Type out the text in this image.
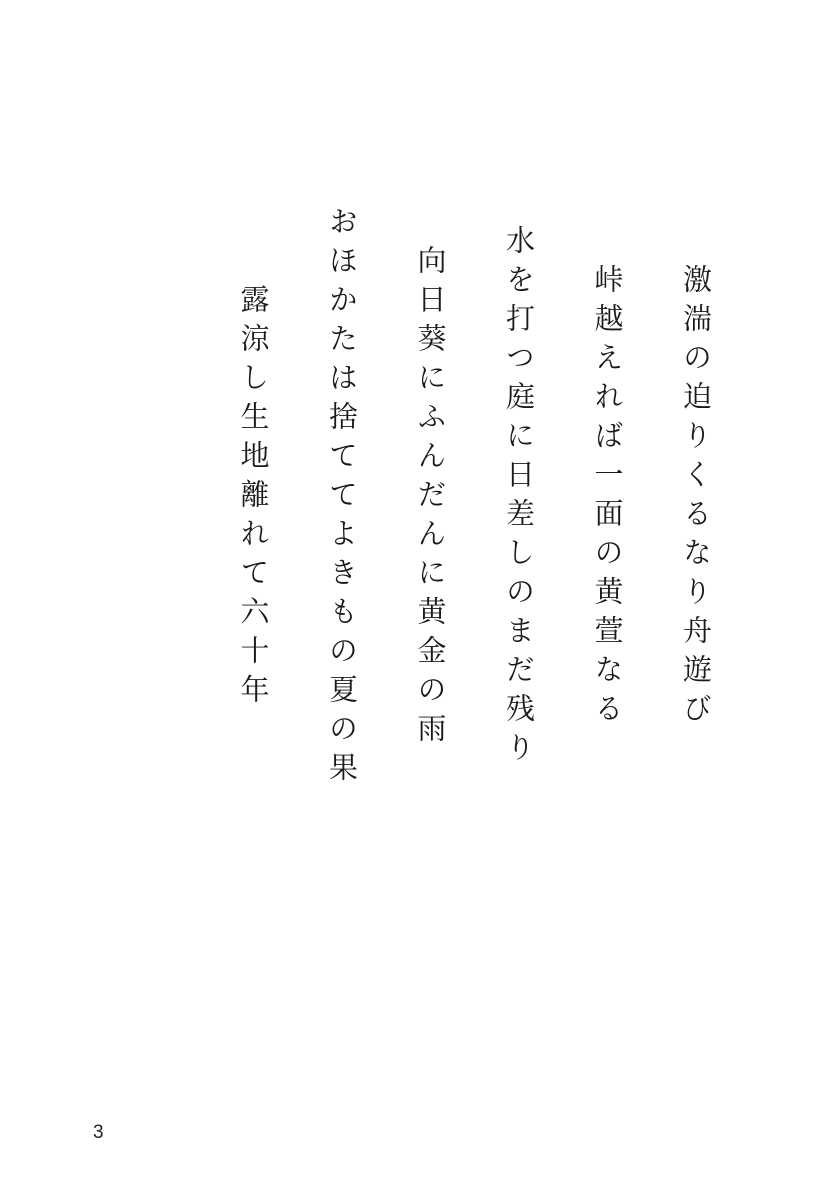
激湍の迫りくるなり舟遊び
峠越えれば一面の黄萱なる
水を打つ庭に日差しのまだ残り
向日葵にふんだんに黄金の雨
おほかたは捨ててよきもの夏の果
露涼し生地離れて六十年
3
